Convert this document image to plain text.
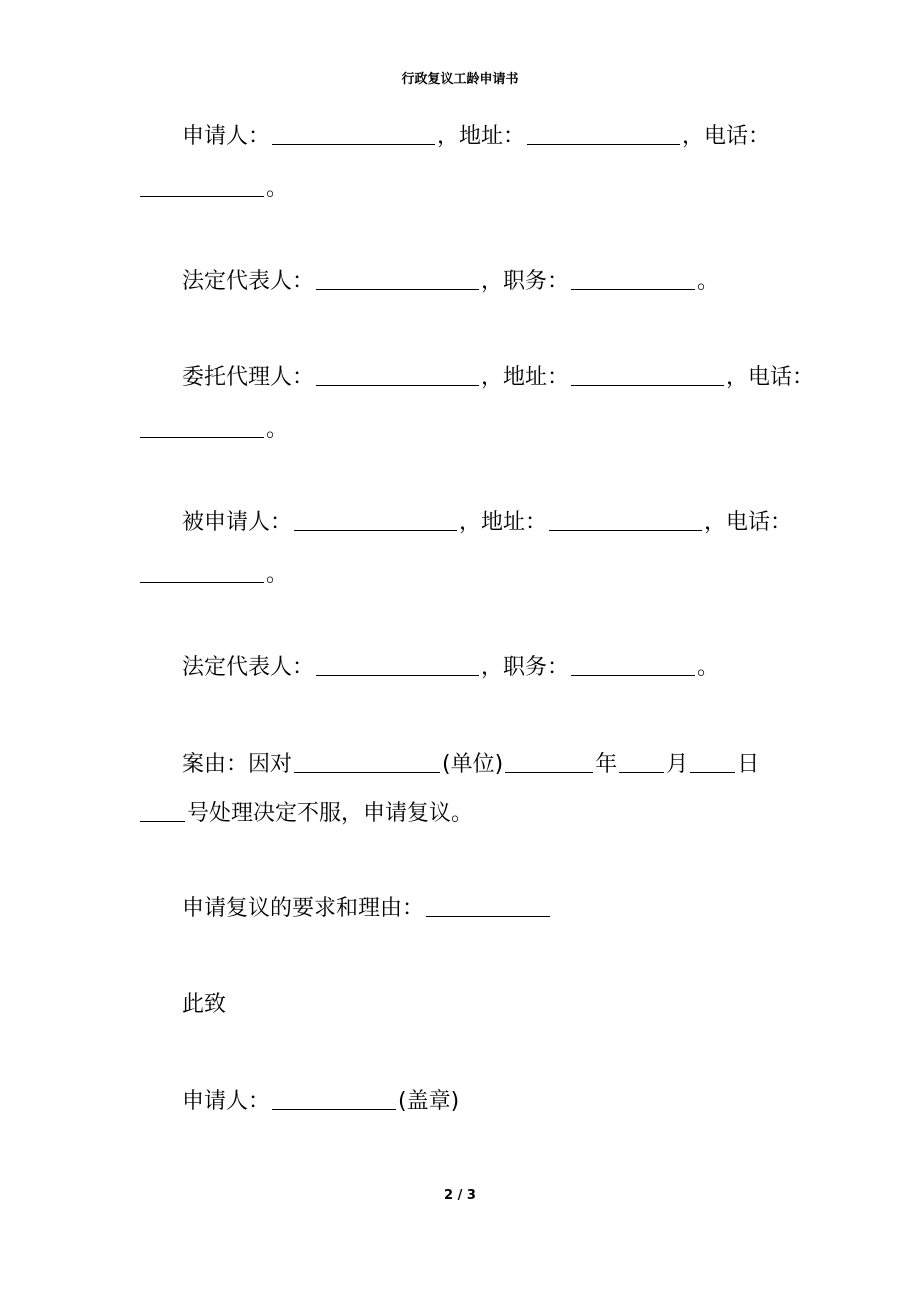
行政复议工龄申请书
申请人：	，地址：	，电话：
。
法定代表人：	，职务：	。
委托代理人：	，地址：	，电话：
。
被申请人：	，地址：	，电话：
。
法定代表人：	，职务：	。
案由：因对	(单位)	年 月 日
号处理决定不服，申请复议。
申请复议的要求和理由：
此致
申请人：	(盖章)
2 / 3
